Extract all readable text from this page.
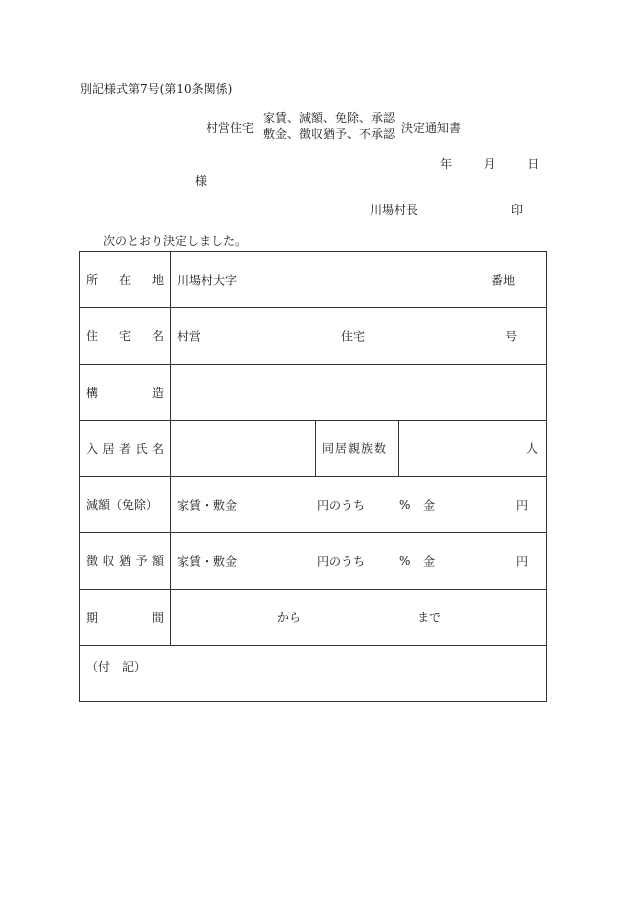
別記様式第7号(第10条関係)
村営住宅
家賃、減額、免除、承認
敷金、徴収猶予、不承認 決定通知書
年	月	日
様
川場村長	印
次のとおり決定しました。
所 在 地	川場村大字 番地		

住 宅 名	村営 住宅 号		

構 造			

入 居 者 氏 名		同居親族数	人

減額（免除）	家賃・敷金 円のうち % 金 円		

徴 収 猶 予 額	家賃・敷金 円のうち % 金 円		

期 間	から まで		

（付　記）			
